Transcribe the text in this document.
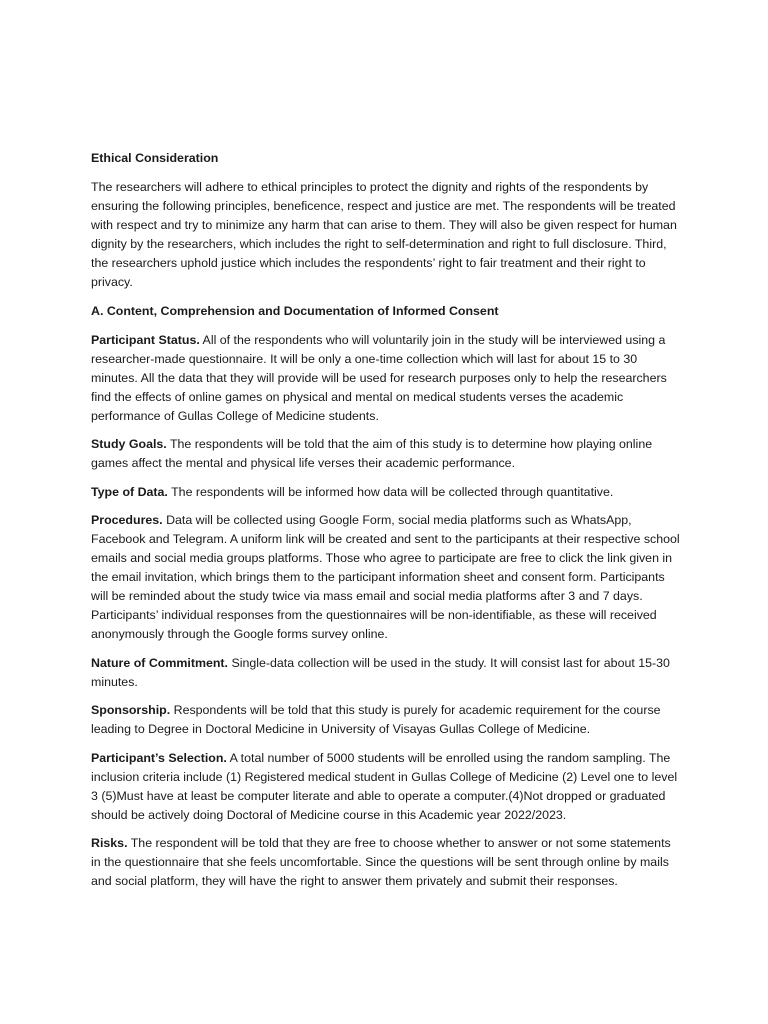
Ethical Consideration

The researchers will adhere to ethical principles to protect the dignity and rights of the respondents by ensuring the following principles, beneficence, respect and justice are met. The respondents will be treated with respect and try to minimize any harm that can arise to them. They will also be given respect for human dignity by the researchers, which includes the right to self-determination and right to full disclosure. Third, the researchers uphold justice which includes the respondents’ right to fair treatment and their right to privacy.

A. Content, Comprehension and Documentation of Informed Consent

Participant Status. All of the respondents who will voluntarily join in the study will be interviewed using a researcher-made questionnaire. It will be only a one-time collection which will last for about 15 to 30 minutes. All the data that they will provide will be used for research purposes only to help the researchers find the effects of online games on physical and mental on medical students verses the academic performance of Gullas College of Medicine students.

Study Goals. The respondents will be told that the aim of this study is to determine how playing online games affect the mental and physical life verses their academic performance.

Type of Data. The respondents will be informed how data will be collected through quantitative.

Procedures. Data will be collected using Google Form, social media platforms such as WhatsApp, Facebook and Telegram. A uniform link will be created and sent to the participants at their respective school emails and social media groups platforms. Those who agree to participate are free to click the link given in the email invitation, which brings them to the participant information sheet and consent form. Participants will be reminded about the study twice via mass email and social media platforms after 3 and 7 days. Participants’ individual responses from the questionnaires will be non-identifiable, as these will received anonymously through the Google forms survey online.

Nature of Commitment. Single-data collection will be used in the study. It will consist last for about 15-30 minutes.

Sponsorship. Respondents will be told that this study is purely for academic requirement for the course leading to Degree in Doctoral Medicine in University of Visayas Gullas College of Medicine.

Participant’s Selection. A total number of 5000 students will be enrolled using the random sampling. The inclusion criteria include (1) Registered medical student in Gullas College of Medicine (2) Level one to level 3 (5)Must have at least be computer literate and able to operate a computer.(4)Not dropped or graduated should be actively doing Doctoral of Medicine course in this Academic year 2022/2023.

Risks. The respondent will be told that they are free to choose whether to answer or not some statements in the questionnaire that she feels uncomfortable. Since the questions will be sent through online by mails and social platform, they will have the right to answer them privately and submit their responses.
